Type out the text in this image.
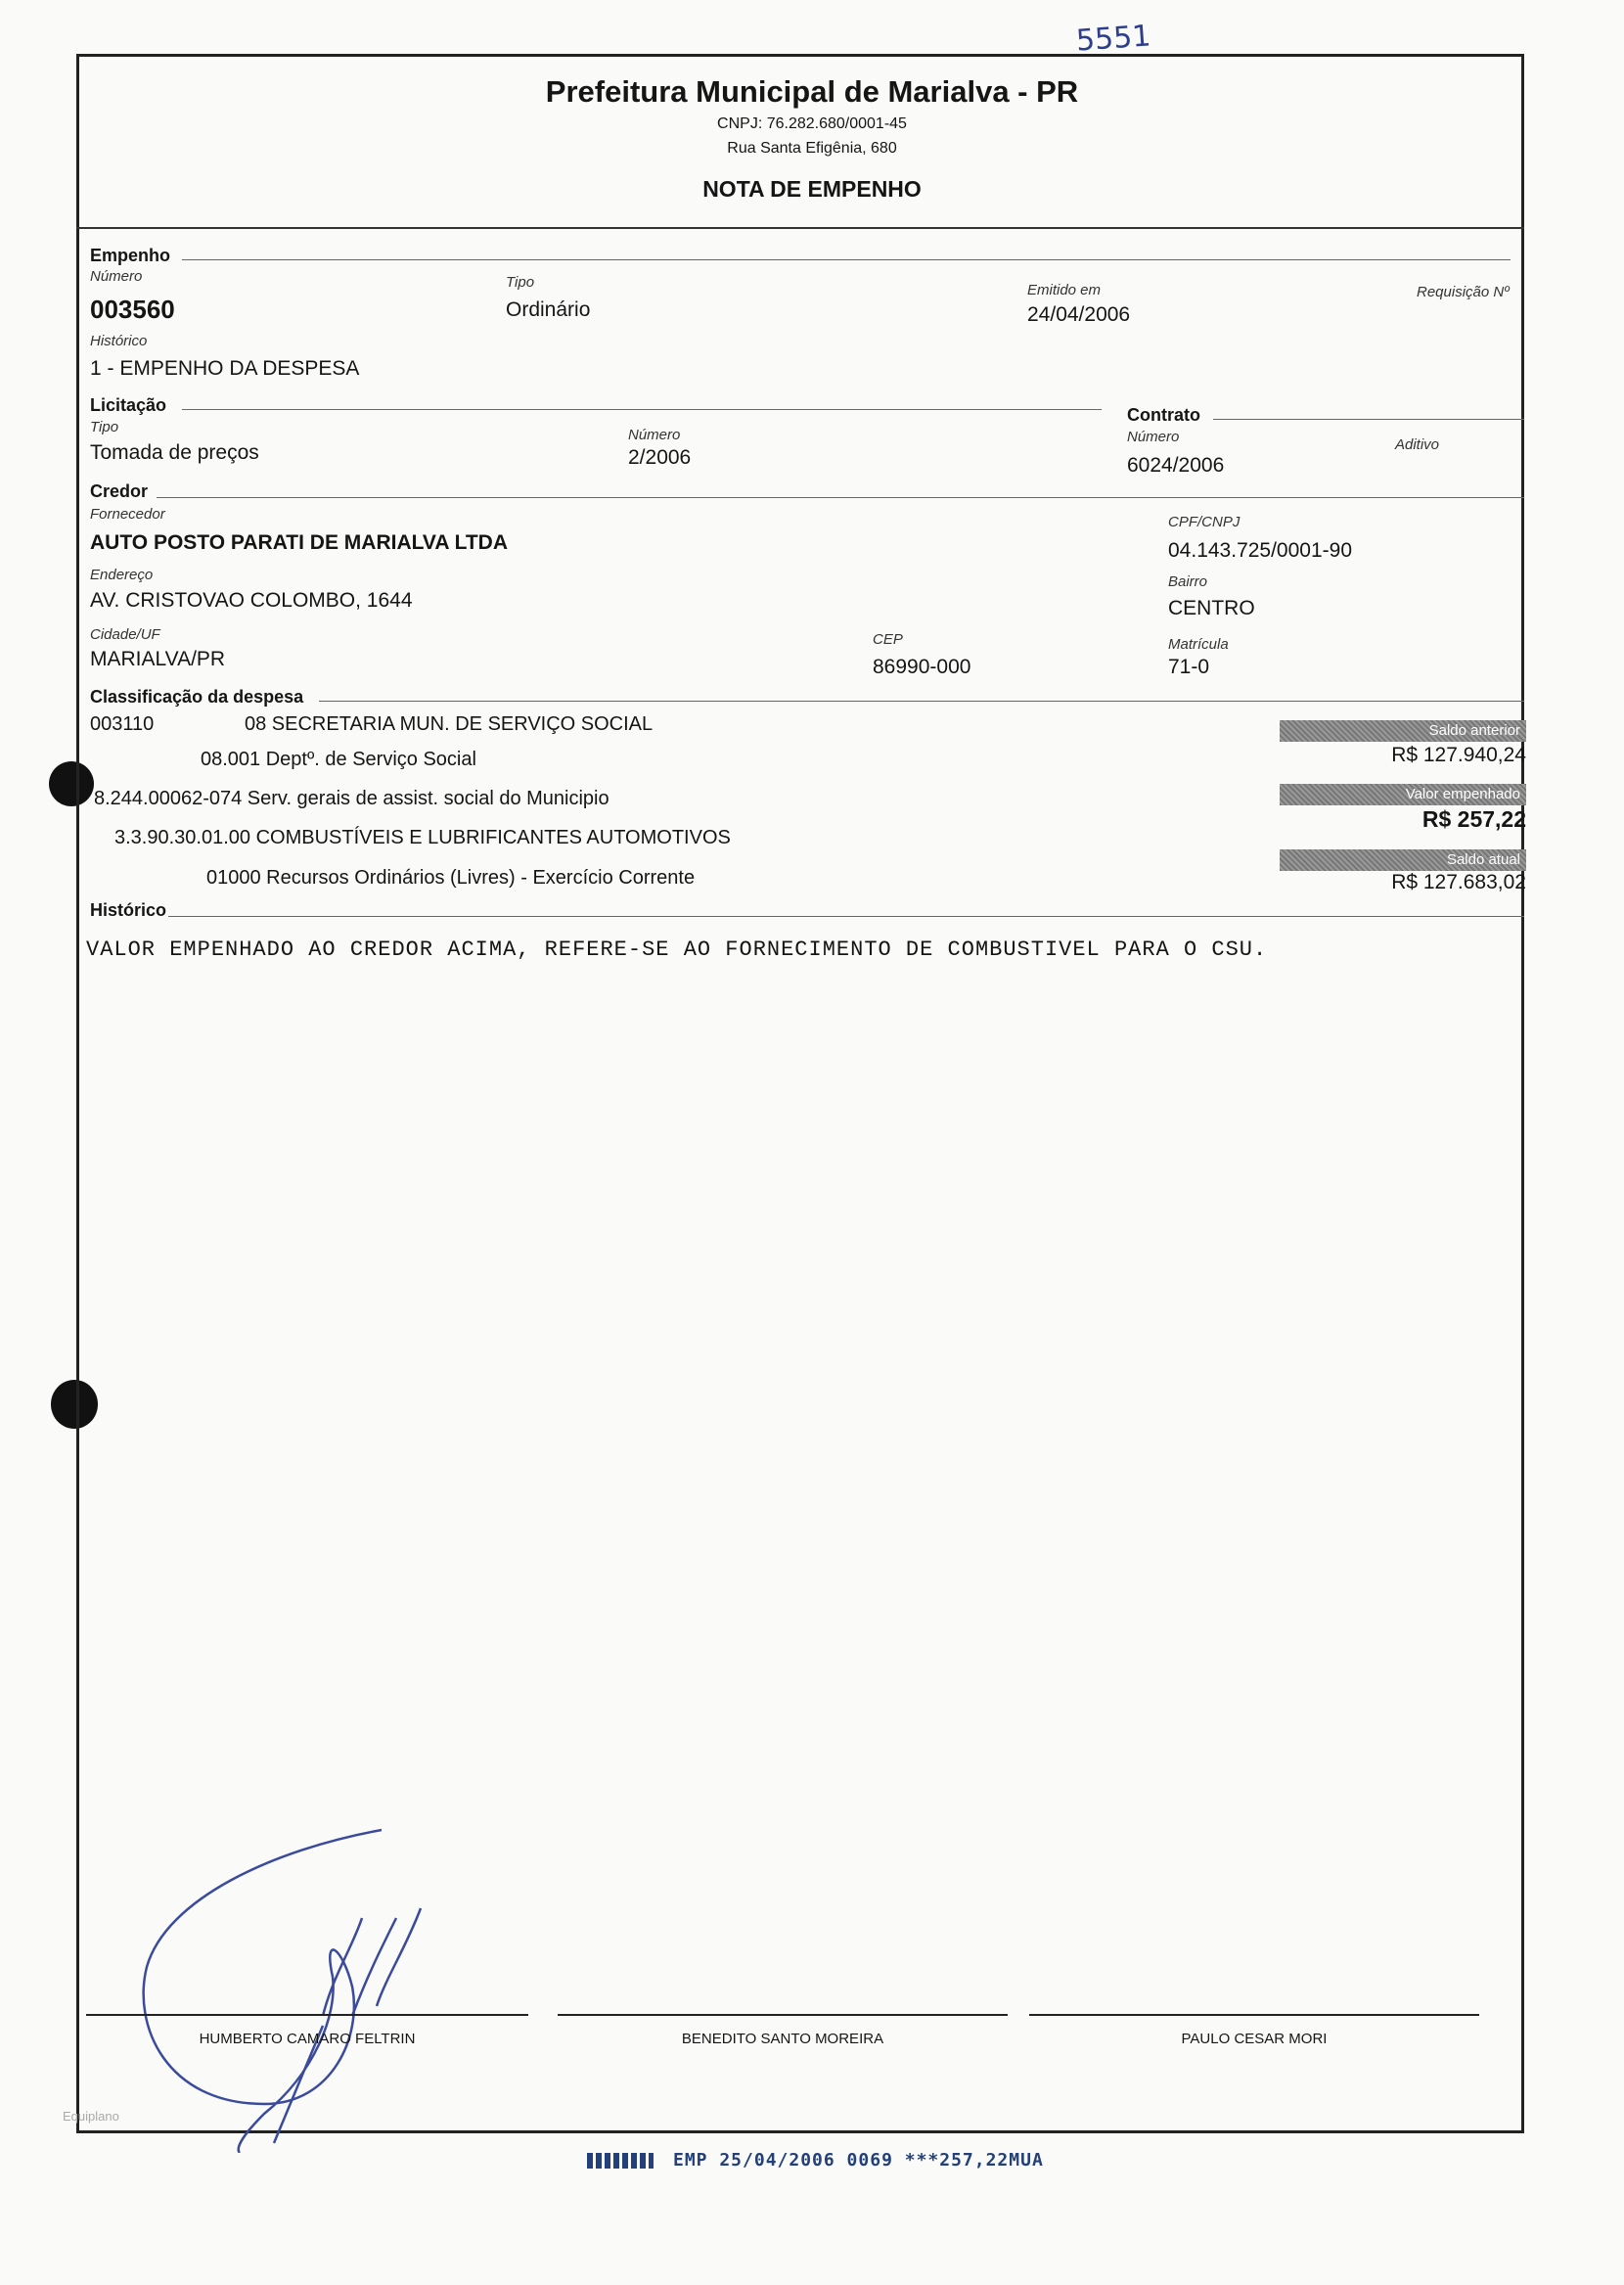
5551
Prefeitura Municipal de Marialva - PR
CNPJ: 76.282.680/0001-45
Rua Santa Efigênia, 680
NOTA DE EMPENHO
Empenho
Número
003560
Tipo
Ordinário
Emitido em
24/04/2006
Requisição Nº
Histórico
1 - EMPENHO DA DESPESA
Licitação
Tipo
Tomada de preços
Número
2/2006
Contrato
Número
6024/2006
Aditivo
Credor
Fornecedor
AUTO POSTO PARATI DE MARIALVA LTDA
CPF/CNPJ
04.143.725/0001-90
Endereço
AV. CRISTOVAO COLOMBO, 1644
Bairro
CENTRO
Cidade/UF
MARIALVA/PR
CEP
86990-000
Matrícula
71-0
Classificação da despesa
003110	08 SECRETARIA MUN. DE SERVIÇO SOCIAL
08.001 Deptº. de Serviço Social
8.244.00062-074 Serv. gerais de assist. social do Municipio
3.3.90.30.01.00 COMBUSTÍVEIS E LUBRIFICANTES AUTOMOTIVOS
01000 Recursos Ordinários (Livres) - Exercício Corrente
Saldo anterior
R$ 127.940,24
Valor empenhado
R$ 257,22
Saldo atual
R$ 127.683,02
Histórico
VALOR EMPENHADO AO CREDOR ACIMA, REFERE-SE AO FORNECIMENTO DE COMBUSTIVEL PARA O CSU.
HUMBERTO CAMARO FELTRIN	BENEDITO SANTO MOREIRA	PAULO CESAR MORI
Equiplano
EMP 25/04/2006 0069 ***257,22MUA
